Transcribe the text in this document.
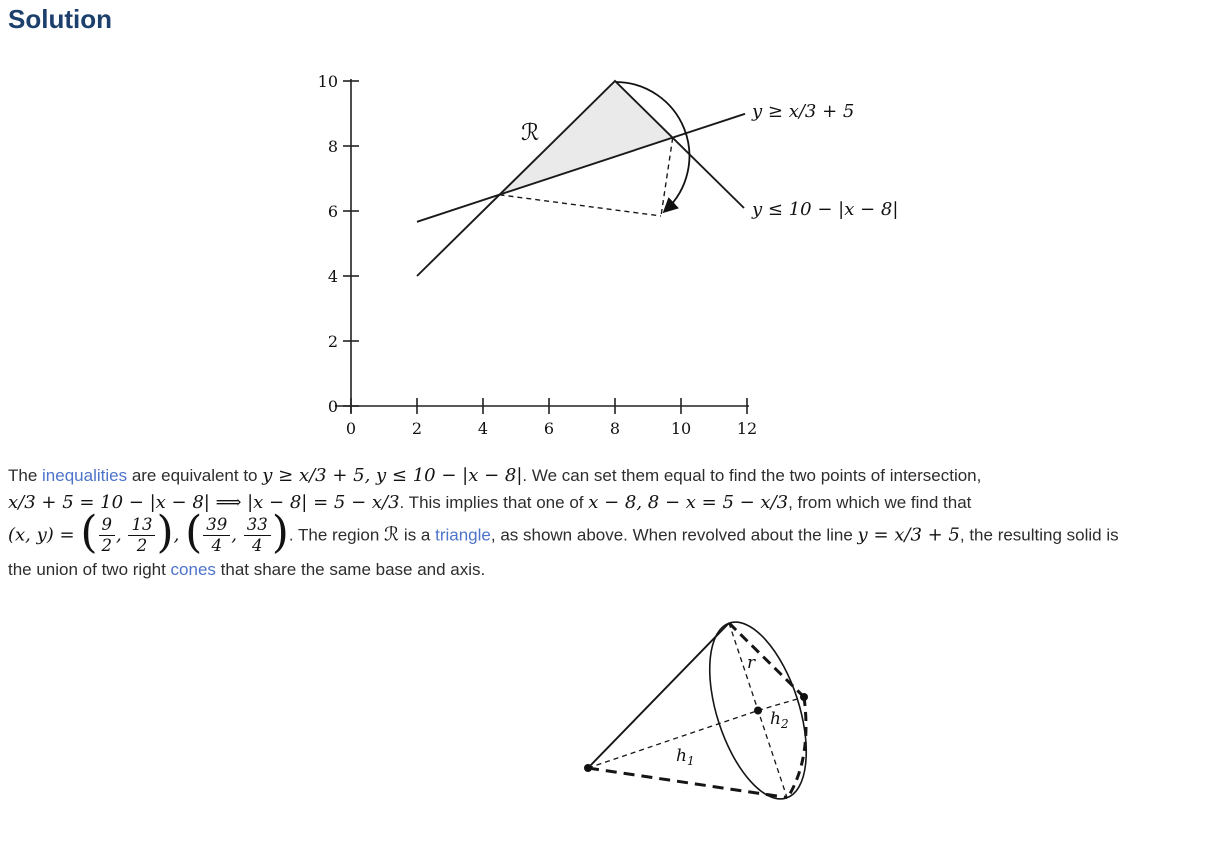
Solution
10
8
6
4
2
0
0	2	4	6	8	10	12
ℛ
y ≥ x/3 + 5
y ≤ 10 − |x − 8|

The inequalities are equivalent to y ≥ x/3 + 5, y ≤ 10 − |x − 8|. We can set them equal to find the two points of intersection,
x/3 + 5 = 10 − |x − 8| ⟹ |x − 8| = 5 − x/3. This implies that one of x − 8, 8 − x = 5 − x/3, from which we find that
(x, y) = ( $\frac{9}{2}$ , $\frac{13}{2}$ ), ( $\frac{39}{4}$ , $\frac{33}{4}$ ). The region ℛ is a triangle, as shown above. When revolved about the line y = x/3 + 5, the resulting solid is
the union of two right cones that share the same base and axis.

r
$h_1$
$h_2$
